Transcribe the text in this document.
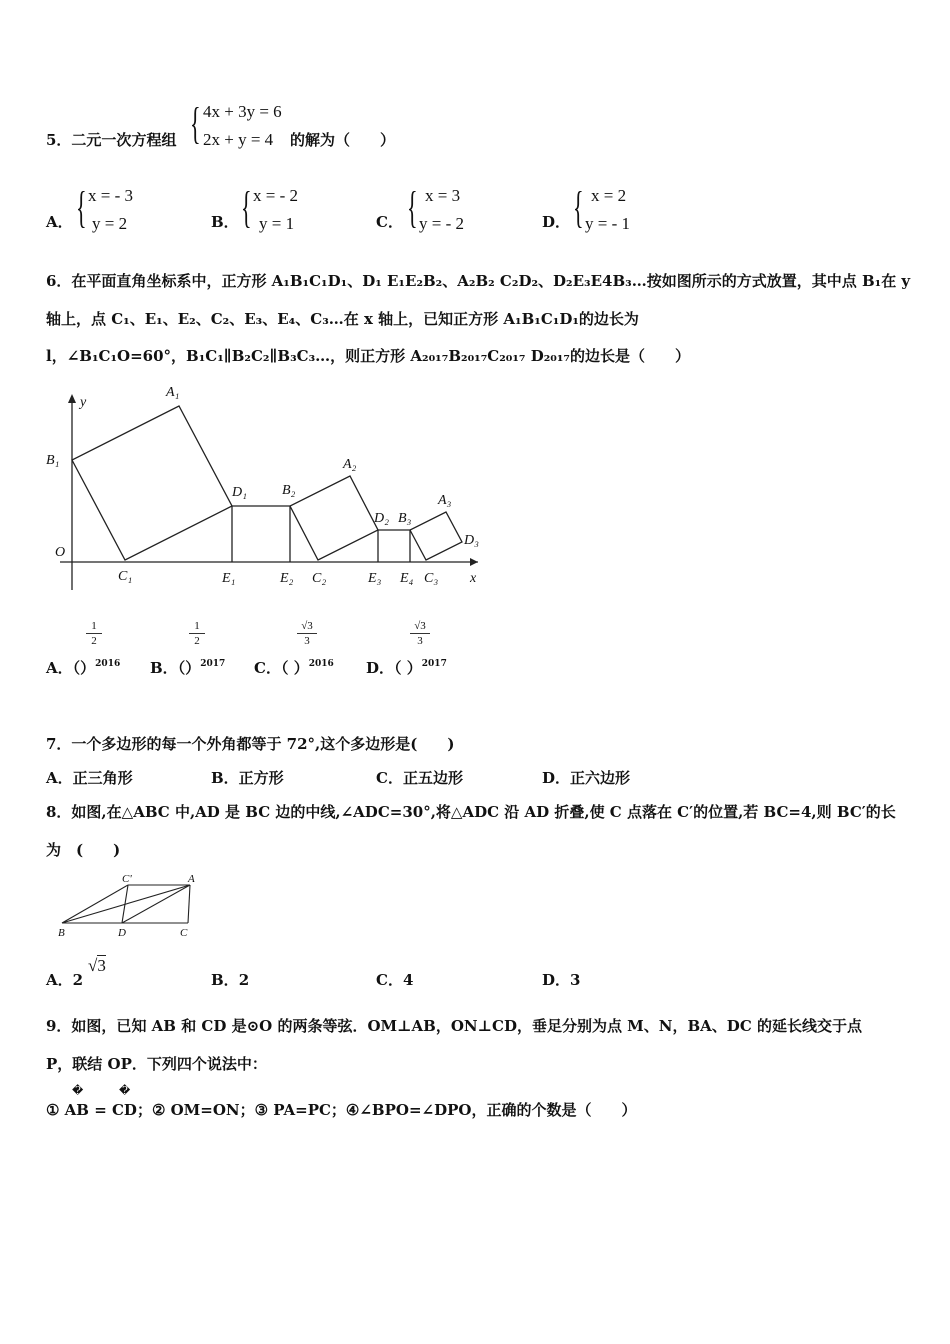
5．二元一次方程组 { 4x + 3y = 6
2x + y = 4	的解为（　　）
A． { x = - 3
y = 2	B． { x = - 2
y = 1	C． { x = 3
y = - 2	D． { x = 2
y = - 1
6．在平面直角坐标系中，正方形 A₁B₁C₁D₁、D₁ E₁E₂B₂、A₂B₂ C₂D₂、D₂E₃E4B₃…按如图所示的方式放置，其中点 B₁在 y
轴上，点 C₁、E₁、E₂、C₂、E₃、E₄、C₃…在 x 轴上，已知正方形 A₁B₁C₁D₁的边长为
l，∠B₁C₁O=60°，B₁C₁∥B₂C₂∥B₃C₃…，则正方形 A₂₀₁₇B₂₀₁₇C₂₀₁₇ D₂₀₁₇的边长是（　　）
y
x
O
B₁
A₁
C₁
D₁
E₁	E₂
B₂
A₂
C₂
D₂
E₃ E₄
B₃
A₃
C₃
D₃
1
2
A．（）$^{2016}$
1
2
B．（）$^{2017}$
√3
3
C．（ ）$^{2016}$
√3
3
D．（ ）$^{2017}$
7．一个多边形的每一个外角都等于 72°,这个多边形是(　　)
A．正三角形	B．正方形	C．正五边形	D．正六边形
8．如图,在△ABC 中,AD 是 BC 边的中线,∠ADC=30°,将△ADC 沿 AD 折叠,使 C 点落在 C′的位置,若 BC=4,则 BC′的长
为　(　　)
C'	A
B	D	C
A．2
√3
B．2	C．4	D．3
9．如图，已知 AB 和 CD 是⊙O 的两条等弦．OM⊥AB，ON⊥CD，垂足分别为点 M、N，BA、DC 的延长线交于点
P，联结 OP．下列四个说法中：
�	�
① AB = CD；② OM=ON；③ PA=PC；④∠BPO=∠DPO，正确的个数是（　　）
